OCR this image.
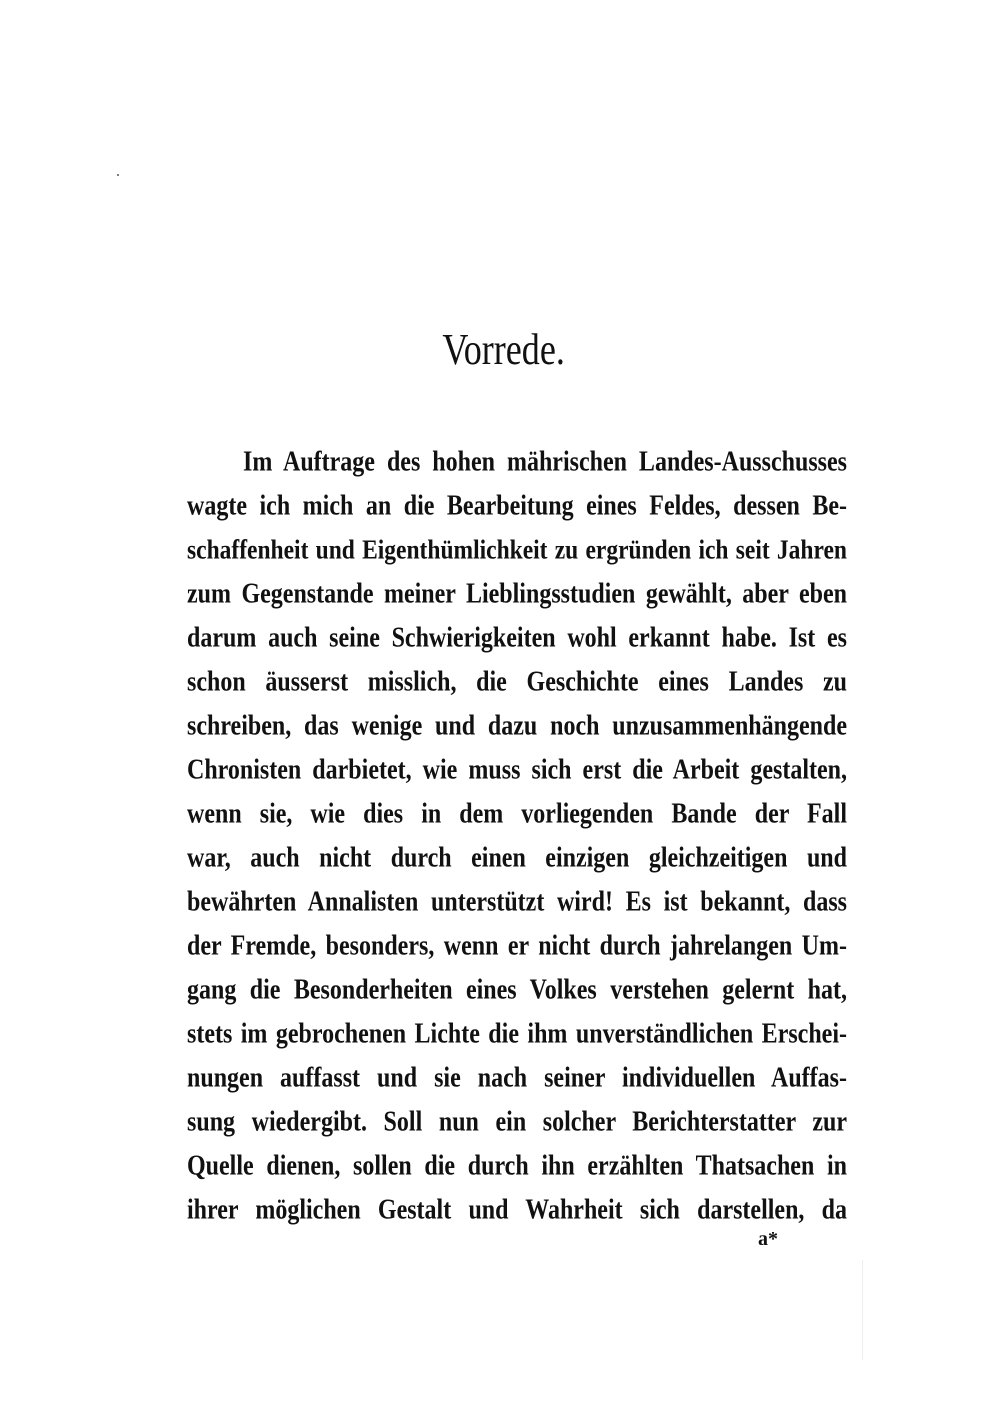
Vorrede.
Im Auftrage des hohen mährischen Landes-Ausschusses
wagte ich mich an die Bearbeitung eines Feldes, dessen Be-
schaffenheit und Eigenthümlichkeit zu ergründen ich seit Jahren
zum Gegenstande meiner Lieblingsstudien gewählt, aber eben
darum auch seine Schwierigkeiten wohl erkannt habe. Ist es
schon äusserst misslich, die Geschichte eines Landes zu
schreiben, das wenige und dazu noch unzusammenhängende
Chronisten darbietet, wie muss sich erst die Arbeit gestalten,
wenn sie, wie dies in dem vorliegenden Bande der Fall
war, auch nicht durch einen einzigen gleichzeitigen und
bewährten Annalisten unterstützt wird! Es ist bekannt, dass
der Fremde, besonders, wenn er nicht durch jahrelangen Um-
gang die Besonderheiten eines Volkes verstehen gelernt hat,
stets im gebrochenen Lichte die ihm unverständlichen Erschei-
nungen auffasst und sie nach seiner individuellen Auffas-
sung wiedergibt. Soll nun ein solcher Berichterstatter zur
Quelle dienen, sollen die durch ihn erzählten Thatsachen in
ihrer möglichen Gestalt und Wahrheit sich darstellen, da
a*
